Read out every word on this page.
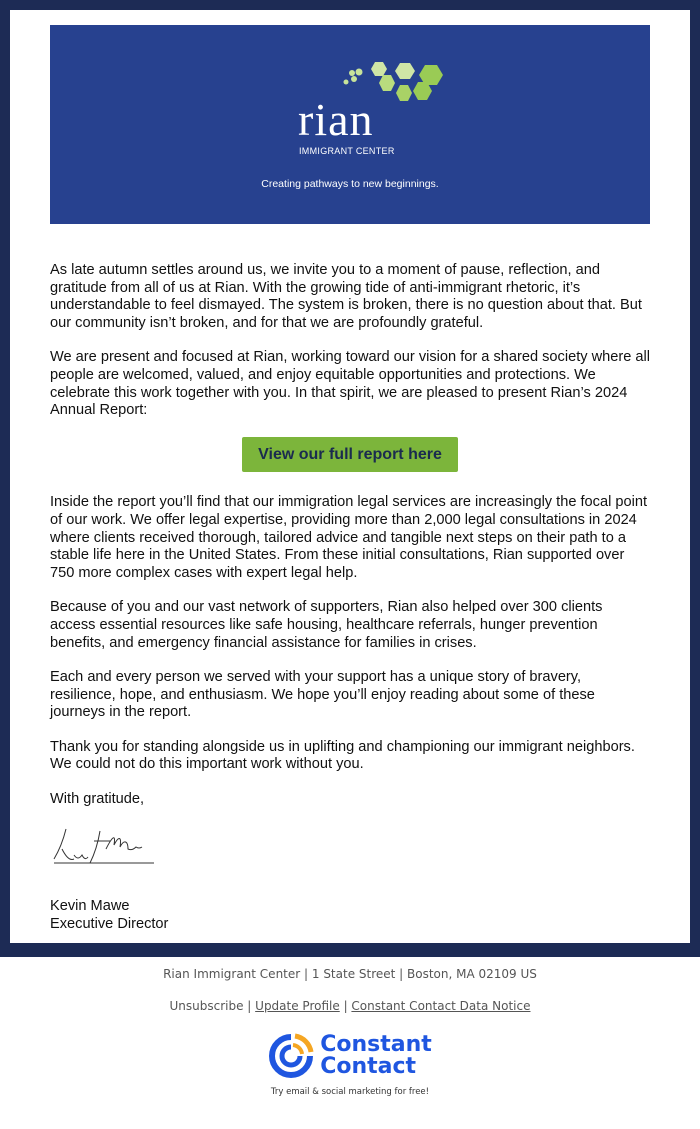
rian
IMMIGRANT CENTER
Creating pathways to new beginnings.

As late autumn settles around us, we invite you to a moment of pause, reflection, and gratitude from all of us at Rian. With the growing tide of anti-immigrant rhetoric, it’s understandable to feel dismayed. The system is broken, there is no question about that. But our community isn’t broken, and for that we are profoundly grateful.

We are present and focused at Rian, working toward our vision for a shared society where all people are welcomed, valued, and enjoy equitable opportunities and protections. We celebrate this work together with you. In that spirit, we are pleased to present Rian’s 2024 Annual Report:

View our full report here

Inside the report you’ll find that our immigration legal services are increasingly the focal point of our work. We offer legal expertise, providing more than 2,000 legal consultations in 2024 where clients received thorough, tailored advice and tangible next steps on their path to a stable life here in the United States. From these initial consultations, Rian supported over 750 more complex cases with expert legal help.

Because of you and our vast network of supporters, Rian also helped over 300 clients access essential resources like safe housing, healthcare referrals, hunger prevention benefits, and emergency financial assistance for families in crises.

Each and every person we served with your support has a unique story of bravery, resilience, hope, and enthusiasm. We hope you’ll enjoy reading about some of these journeys in the report.

Thank you for standing alongside us in uplifting and championing our immigrant neighbors. We could not do this important work without you.

With gratitude,

Kevin Mawe
Executive Director
Rian Immigrant Center | 1 State Street | Boston, MA 02109 US
Unsubscribe | Update Profile | Constant Contact Data Notice
Constant
Contact
Try email & social marketing for free!
